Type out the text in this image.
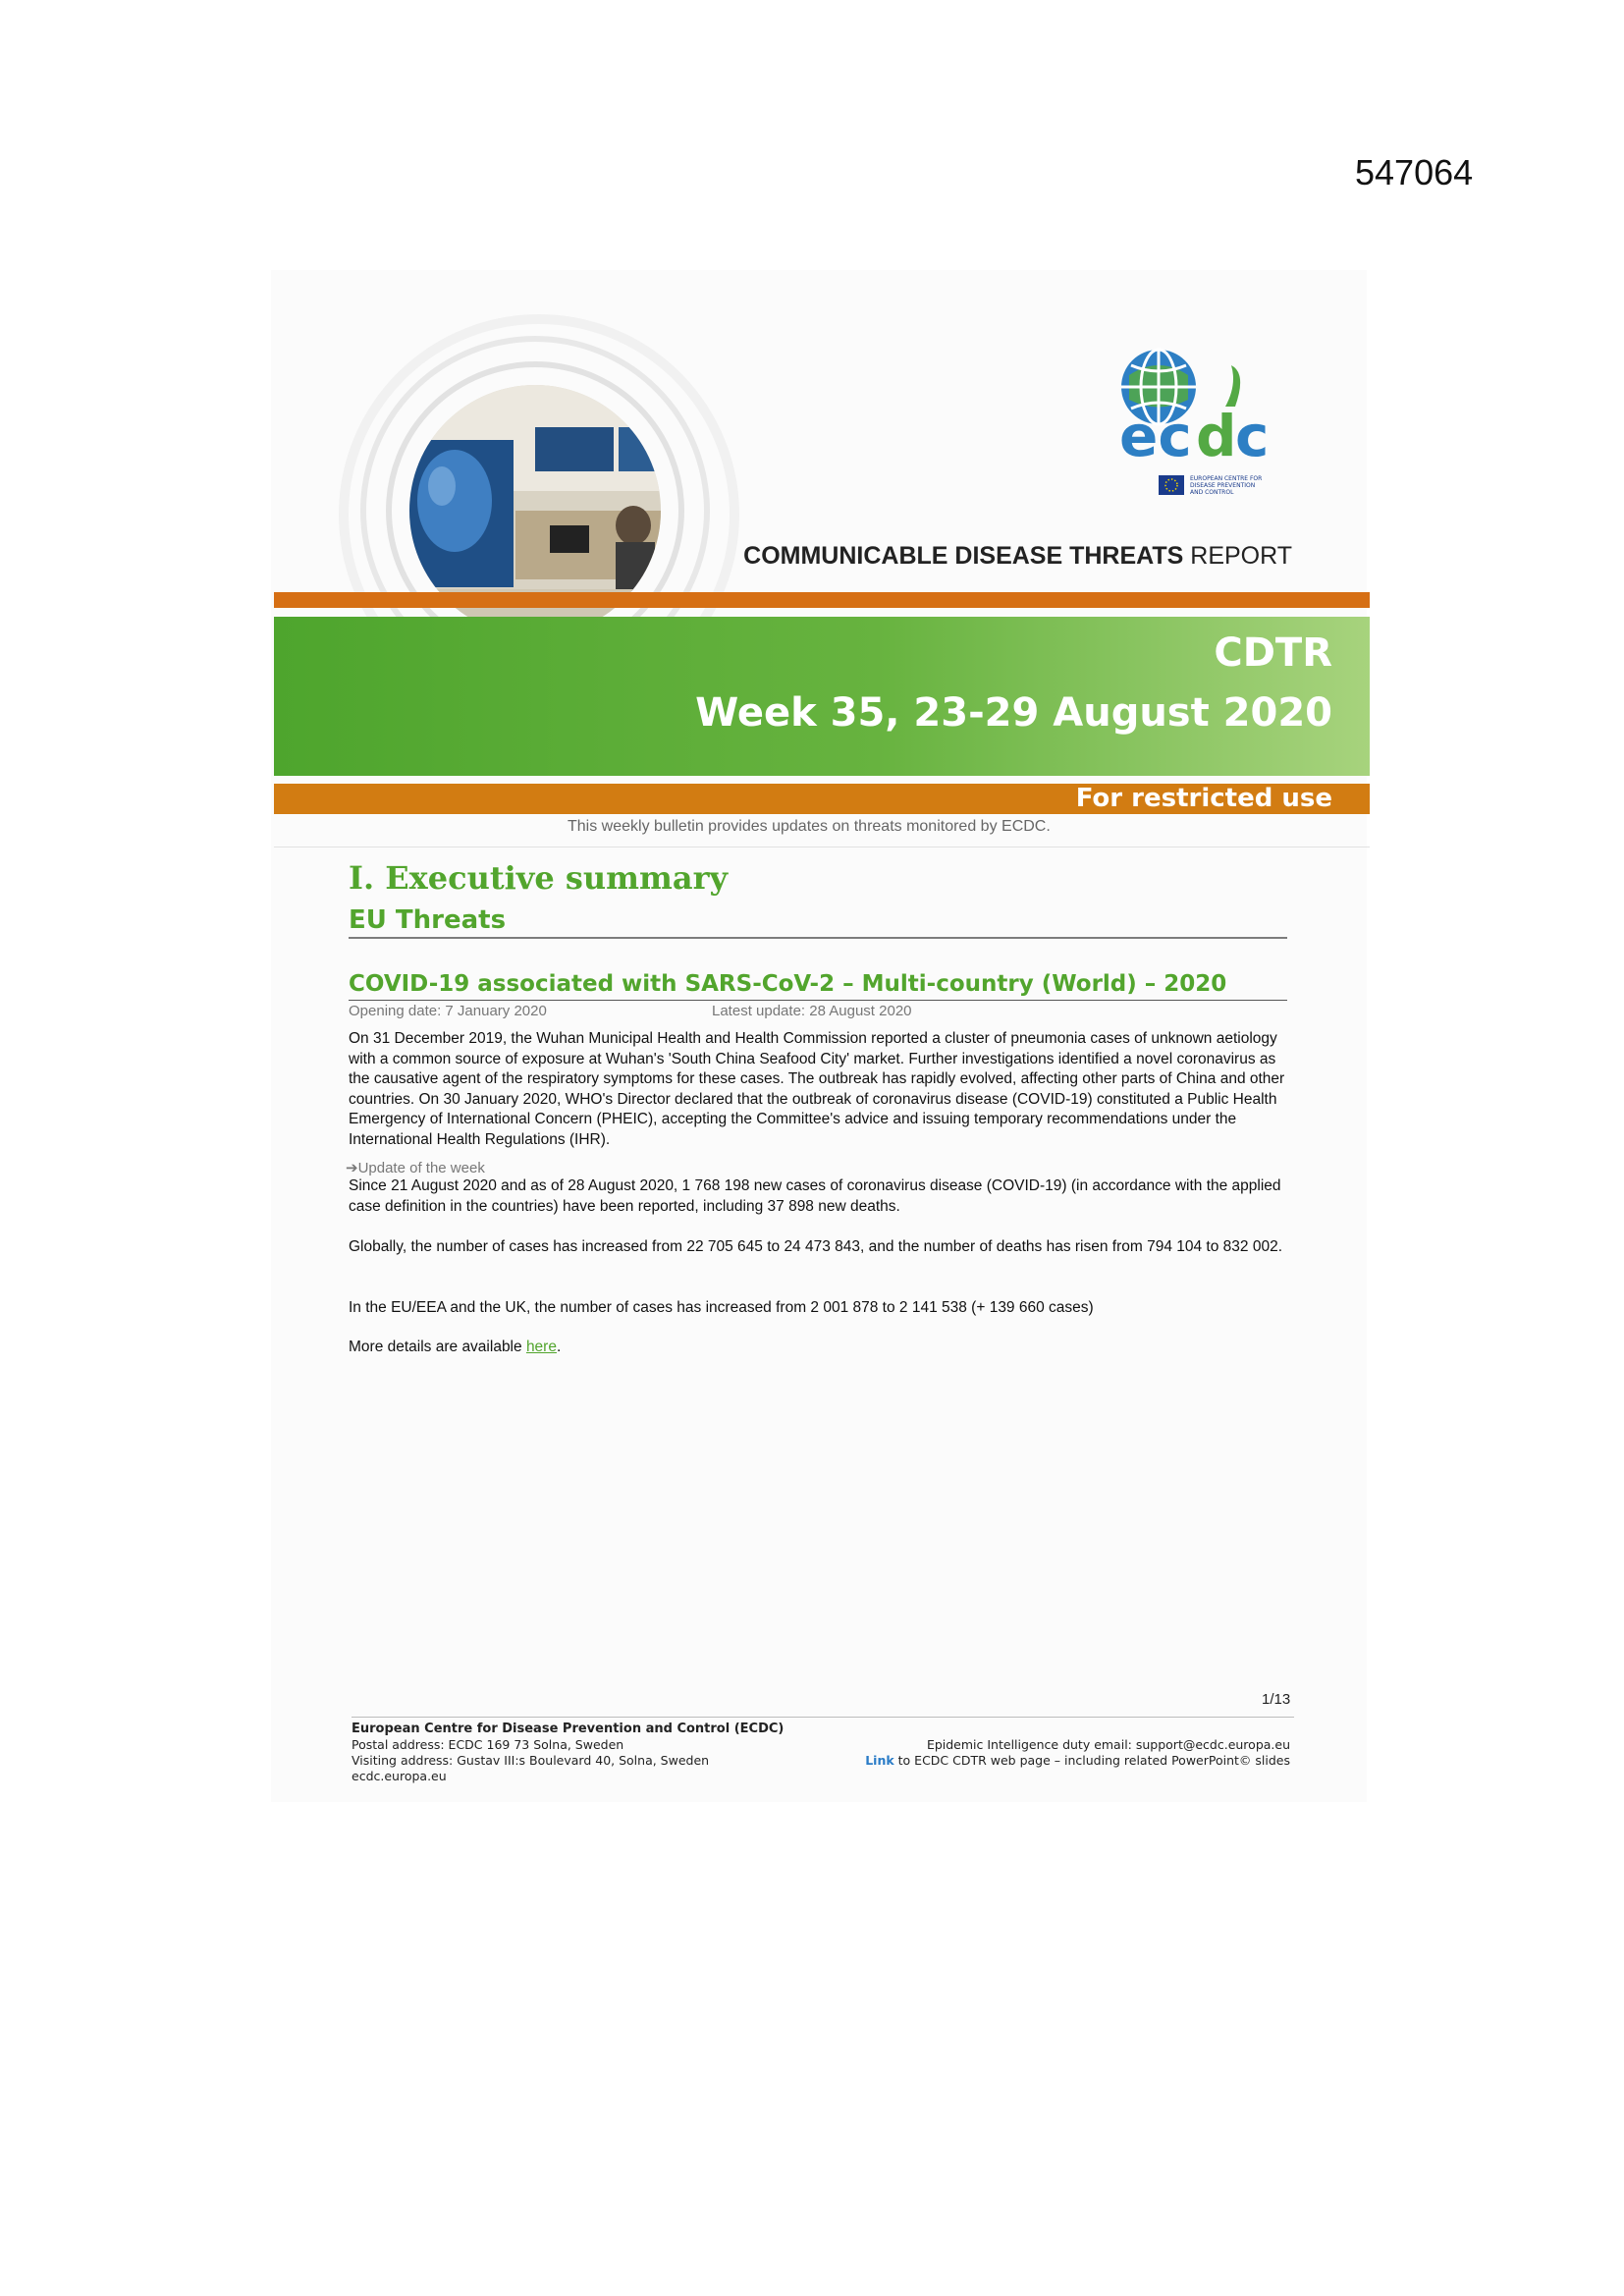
547064
ec d
c
EUROPEAN CENTRE FOR
DISEASE PREVENTION
AND CONTROL
COMMUNICABLE DISEASE THREATS REPORT
CDTR
Week 35, 23-29 August 2020
For restricted use
This weekly bulletin provides updates on threats monitored by ECDC.
I. Executive summary
EU Threats
COVID-19 associated with SARS-CoV-2 – Multi-country (World) – 2020
Opening date: 7 January 2020	Latest update: 28 August 2020
On 31 December 2019, the Wuhan Municipal Health and Health Commission reported a cluster of pneumonia cases of unknown aetiology with a common source of exposure at Wuhan's 'South China Seafood City' market. Further investigations identified a novel coronavirus as the causative agent of the respiratory symptoms for these cases. The outbreak has rapidly evolved, affecting other parts of China and other countries. On 30 January 2020, WHO's Director declared that the outbreak of coronavirus disease (COVID-19) constituted a Public Health Emergency of International Concern (PHEIC), accepting the Committee's advice and issuing temporary recommendations under the International Health Regulations (IHR).
➔Update of the week
Since 21 August 2020 and as of 28 August 2020, 1 768 198 new cases of coronavirus disease (COVID-19) (in accordance with the applied case definition in the countries) have been reported, including 37 898 new deaths.
Globally, the number of cases has increased from 22 705 645 to 24 473 843, and the number of deaths has risen from 794 104 to 832 002.
In the EU/EEA and the UK, the number of cases has increased from 2 001 878 to 2 141 538 (+ 139 660 cases)
More details are available here.
1/13
European Centre for Disease Prevention and Control (ECDC)
Postal address: ECDC 169 73 Solna, Sweden
Visiting address: Gustav III:s Boulevard 40, Solna, Sweden
ecdc.europa.eu
Epidemic Intelligence duty email: support@ecdc.europa.eu
Link to ECDC CDTR web page – including related PowerPoint© slides
